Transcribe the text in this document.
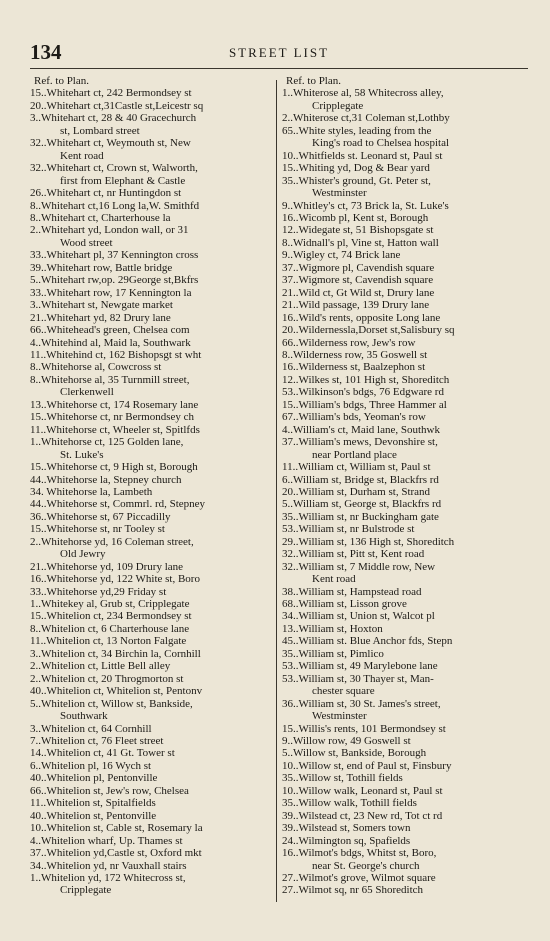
134	STREET LIST
Ref. to Plan.
15..Whitehart ct, 242 Bermondsey st
20..Whitehart ct,31Castle st,Leicestr sq
3..Whitehart ct, 28 & 40 Gracechurch
st, Lombard street
32..Whitehart ct, Weymouth st, New
Kent road
32..Whitehart ct, Crown st, Walworth,
first from Elephant & Castle
26..Whitehart ct, nr Huntingdon st
8..Whitehart ct,16 Long la,W. Smithfd
8..Whitehart ct, Charterhouse la
2..Whitehart yd, London wall, or 31
Wood street
33..Whitehart pl, 37 Kennington cross
39..Whitehart row, Battle bridge
5..Whitehart rw,op. 29George st,Bkfrs
33..Whitehart row, 17 Kennington la
3..Whitehart st, Newgate market
21..Whitehart yd, 82 Drury lane
66..Whitehead's green, Chelsea com
4..Whitehind al, Maid la, Southwark
11..Whitehind ct, 162 Bishopsgt st wht
8..Whitehorse al, Cowcross st
8..Whitehorse al, 35 Turnmill street,
Clerkenwell
13..Whitehorse ct, 174 Rosemary lane
15..Whitehorse ct, nr Bermondsey ch
11..Whitehorse ct, Wheeler st, Spitlfds
1..Whitehorse ct, 125 Golden lane,
St. Luke's
15..Whitehorse ct, 9 High st, Borough
44..Whitehorse la, Stepney church
34. Whitehorse la, Lambeth
44..Whitehorse st, Commrl. rd, Stepney
36..Whitehorse st, 67 Piccadilly
15..Whitehorse st, nr Tooley st
2..Whitehorse yd, 16 Coleman street,
Old Jewry
21..Whitehorse yd, 109 Drury lane
16..Whitehorse yd, 122 White st, Boro
33..Whitehorse yd,29 Friday st
1..Whitekey al, Grub st, Cripplegate
15..Whitelion ct, 234 Bermondsey st
8..Whitelion ct, 6 Charterhouse lane
11..Whitelion ct, 13 Norton Falgate
3..Whitelion ct, 34 Birchin la, Cornhill
2..Whitelion ct, Little Bell alley
2..Whitelion ct, 20 Throgmorton st
40..Whitelion ct, Whitelion st, Pentonv
5..Whitelion ct, Willow st, Bankside,
Southwark
3..Whitelion ct, 64 Cornhill
7..Whitelion ct, 76 Fleet street
14..Whitelion ct, 41 Gt. Tower st
6..Whitelion pl, 16 Wych st
40..Whitelion pl, Pentonville
66..Whitelion st, Jew's row, Chelsea
11..Whitelion st, Spitalfields
40..Whitelion st, Pentonville
10..Whitelion st, Cable st, Rosemary la
4..Whitelion wharf, Up. Thames st
37..Whitelion yd,Castle st, Oxford mkt
34..Whitelion yd, nr Vauxhall stairs
1..Whitelion yd, 172 Whitecross st,
Cripplegate
Ref. to Plan.
1..Whiterose al, 58 Whitecross alley,
Cripplegate
2..Whiterose ct,31 Coleman st,Lothby
65..White styles, leading from the
King's road to Chelsea hospital
10..Whitfields st. Leonard st, Paul st
15..Whiting yd, Dog & Bear yard
35..Whister's ground, Gt. Peter st,
Westminster
9..Whitley's ct, 73 Brick la, St. Luke's
16..Wicomb pl, Kent st, Borough
12..Widegate st, 51 Bishopsgate st
8..Widnall's pl, Vine st, Hatton wall
9..Wigley ct, 74 Brick lane
37..Wigmore pl, Cavendish square
37..Wigmore st, Cavendish square
21..Wild ct, Gt Wild st, Drury lane
21..Wild passage, 139 Drury lane
16..Wild's rents, opposite Long lane
20..Wildernessla,Dorset st,Salisbury sq
66..Wilderness row, Jew's row
8..Wilderness row, 35 Goswell st
16..Wilderness st, Baalzephon st
12..Wilkes st, 101 High st, Shoreditch
53..Wilkinson's bdgs, 76 Edgware rd
15..William's bdgs, Three Hammer al
67..William's bds, Yeoman's row
4..William's ct, Maid lane, Southwk
37..William's mews, Devonshire st,
near Portland place
11..William ct, William st, Paul st
6..William st, Bridge st, Blackfrs rd
20..William st, Durham st, Strand
5..William st, George st, Blackfrs rd
35..William st, nr Buckingham gate
53..William st, nr Bulstrode st
29..William st, 136 High st, Shoreditch
32..William st, Pitt st, Kent road
32..William st, 7 Middle row, New
Kent road
38..William st, Hampstead road
68..William st, Lisson grove
34..William st, Union st, Walcot pl
13..William st, Hoxton
45..William st. Blue Anchor fds, Stepn
35..William st, Pimlico
53..William st, 49 Marylebone lane
53..William st, 30 Thayer st, Man-
chester square
36..William st, 30 St. James's street,
Westminster
15..Willis's rents, 101 Bermondsey st
9..Willow row, 49 Goswell st
5..Willow st, Bankside, Borough
10..Willow st, end of Paul st, Finsbury
35..Willow st, Tothill fields
10..Willow walk, Leonard st, Paul st
35..Willow walk, Tothill fields
39..Wilstead ct, 23 New rd, Tot ct rd
39..Wilstead st, Somers town
24..Wilmington sq, Spafields
16..Wilmot's bdgs, Whitst st, Boro,
near St. George's church
27..Wilmot's grove, Wilmot square
27..Wilmot sq, nr 65 Shoreditch
